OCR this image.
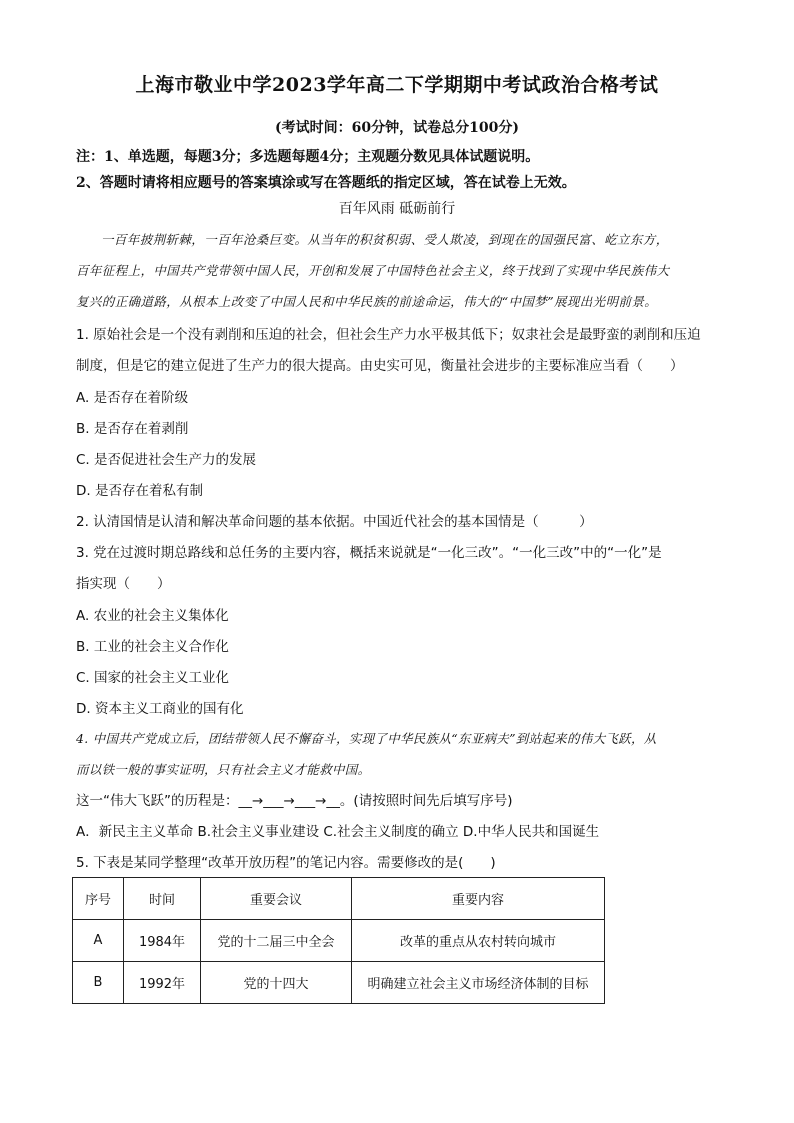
上海市敬业中学2023学年高二下学期期中考试政治合格考试
(考试时间：60分钟，试卷总分100分)
注：1、单选题，每题3分；多选题每题4分；主观题分数见具体试题说明。
2、答题时请将相应题号的答案填涂或写在答题纸的指定区域，答在试卷上无效。
百年风雨 砥砺前行
一百年披荆斩棘，一百年沧桑巨变。从当年的积贫积弱、受人欺凌，到现在的国强民富、屹立东方，
百年征程上，中国共产党带领中国人民，开创和发展了中国特色社会主义，终于找到了实现中华民族伟大
复兴的正确道路，从根本上改变了中国人民和中华民族的前途命运，伟大的“中国梦”展现出光明前景。
1. 原始社会是一个没有剥削和压迫的社会，但社会生产力水平极其低下；奴隶社会是最野蛮的剥削和压迫
制度，但是它的建立促进了生产力的很大提高。由史实可见，衡量社会进步的主要标准应当看（　　）
A. 是否存在着阶级
B. 是否存在着剥削
C. 是否促进社会生产力的发展
D. 是否存在着私有制
2. 认清国情是认清和解决革命问题的基本依据。中国近代社会的基本国情是（　　　）
3. 党在过渡时期总路线和总任务的主要内容，概括来说就是“一化三改”。“一化三改”中的“一化”是
指实现（　　）
A. 农业的社会主义集体化
B. 工业的社会主义合作化
C. 国家的社会主义工业化
D. 资本主义工商业的国有化
4. 中国共产党成立后，团结带领人民不懈奋斗，实现了中华民族从“东亚病夫”到站起来的伟大飞跃，从
而以铁一般的事实证明，只有社会主义才能救中国。
这一“伟大飞跃”的历程是：__→___→___→__。(请按照时间先后填写序号)
A．新民主主义革命 B.社会主义事业建设 C.社会主义制度的确立 D.中华人民共和国诞生
5. 下表是某同学整理“改革开放历程”的笔记内容。需要修改的是(　　)
序号	时间	重要会议	重要内容
A	1984年	党的十二届三中全会	改革的重点从农村转向城市
B	1992年	党的十四大	明确建立社会主义市场经济体制的目标
